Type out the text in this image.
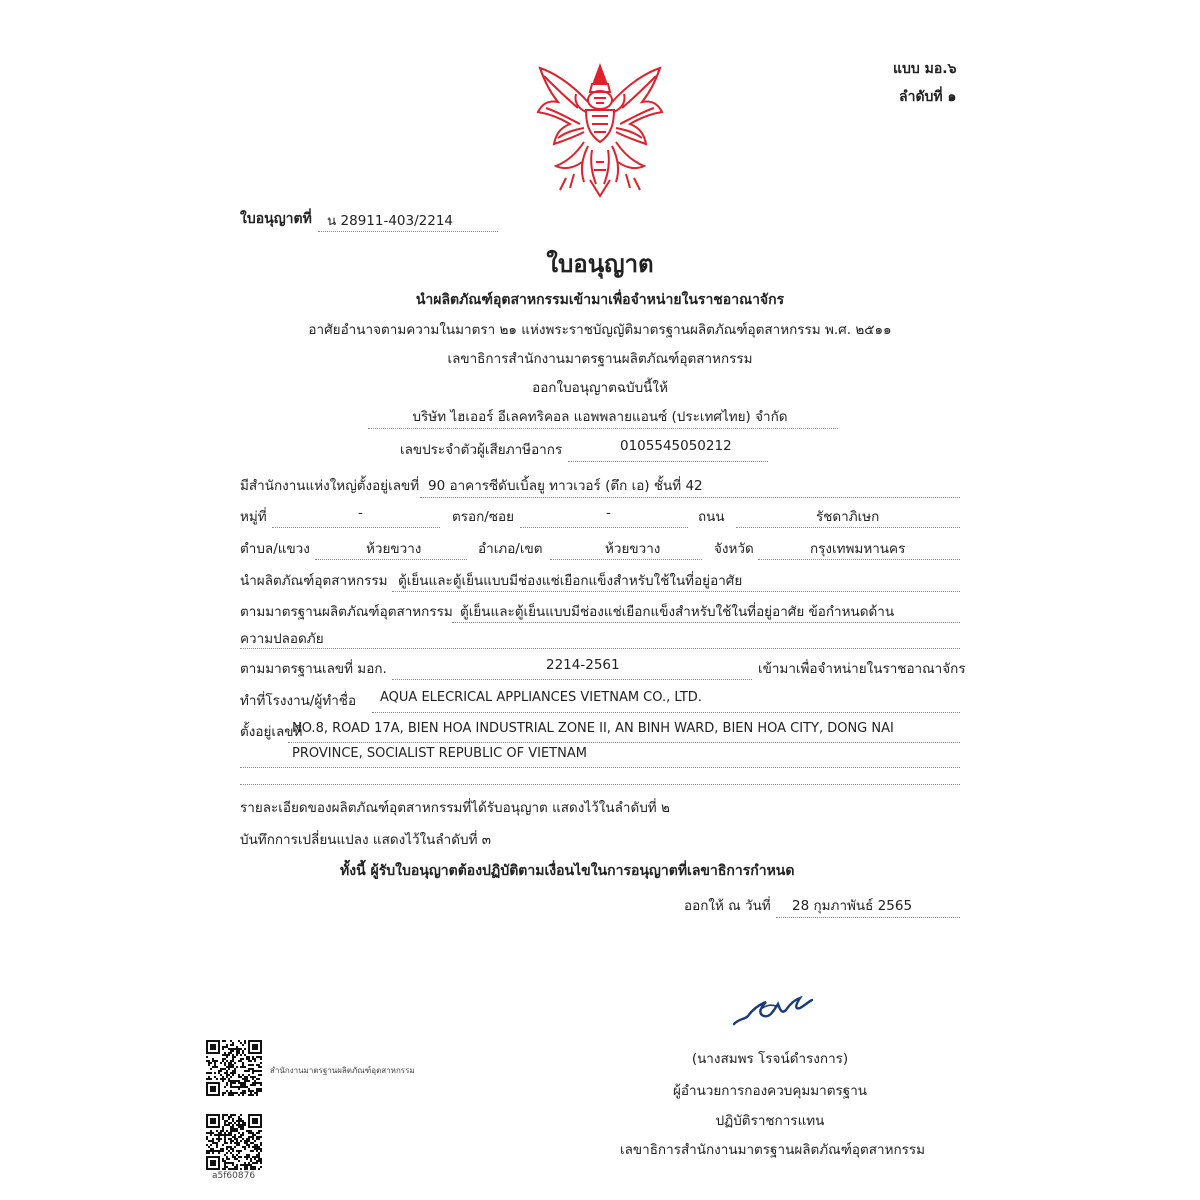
แบบ มอ.๖
ลำดับที่ ๑
ใบอนุญาตที่ น 28911-403/2214
ใบอนุญาต
นำผลิตภัณฑ์อุตสาหกรรมเข้ามาเพื่อจำหน่ายในราชอาณาจักร
อาศัยอำนาจตามความในมาตรา ๒๑ แห่งพระราชบัญญัติมาตรฐานผลิตภัณฑ์อุตสาหกรรม พ.ศ. ๒๕๑๑
เลขาธิการสำนักงานมาตรฐานผลิตภัณฑ์อุตสาหกรรม
ออกใบอนุญาตฉบับนี้ให้
บริษัท ไฮเออร์ อีเลคทริคอล แอพพลายแอนซ์ (ประเทศไทย) จำกัด
เลขประจำตัวผู้เสียภาษีอากร	0105545050212
มีสำนักงานแห่งใหญ่ตั้งอยู่เลขที่ 90 อาคารซีดับเบิ้ลยู ทาวเวอร์ (ตึก เอ) ชั้นที่ 42
หมู่ที่	-	ตรอก/ซอย	-	ถนน	รัชดาภิเษก
ตำบล/แขวง	ห้วยขวาง	อำเภอ/เขต	ห้วยขวาง	จังหวัด	กรุงเทพมหานคร
นำผลิตภัณฑ์อุตสาหกรรม ตู้เย็นและตู้เย็นแบบมีช่องแช่เยือกแข็งสำหรับใช้ในที่อยู่อาศัย
ตามมาตรฐานผลิตภัณฑ์อุตสาหกรรม ตู้เย็นและตู้เย็นแบบมีช่องแช่เยือกแข็งสำหรับใช้ในที่อยู่อาศัย ข้อกำหนดด้าน
ความปลอดภัย
ตามมาตรฐานเลขที่ มอก.	2214-2561	เข้ามาเพื่อจำหน่ายในราชอาณาจักร
ทำที่โรงงาน/ผู้ทำชื่อ AQUA ELECRICAL APPLIANCES VIETNAM CO., LTD.
ตั้งอยู่เลขที่
NO.8, ROAD 17A, BIEN HOA INDUSTRIAL ZONE II, AN BINH WARD, BIEN HOA CITY, DONG NAI
PROVINCE, SOCIALIST REPUBLIC OF VIETNAM
รายละเอียดของผลิตภัณฑ์อุตสาหกรรมที่ได้รับอนุญาต แสดงไว้ในลำดับที่ ๒
บันทึกการเปลี่ยนแปลง แสดงไว้ในลำดับที่ ๓
ทั้งนี้ ผู้รับใบอนุญาตต้องปฏิบัติตามเงื่อนไขในการอนุญาตที่เลขาธิการกำหนด
ออกให้ ณ วันที่ 28 กุมภาพันธ์ 2565
(นางสมพร โรจน์ดำรงการ)
ผู้อำนวยการกองควบคุมมาตรฐาน
ปฏิบัติราชการแทน
เลขาธิการสำนักงานมาตรฐานผลิตภัณฑ์อุตสาหกรรม
สำนักงานมาตรฐานผลิตภัณฑ์อุตสาหกรรม
a5f60876
